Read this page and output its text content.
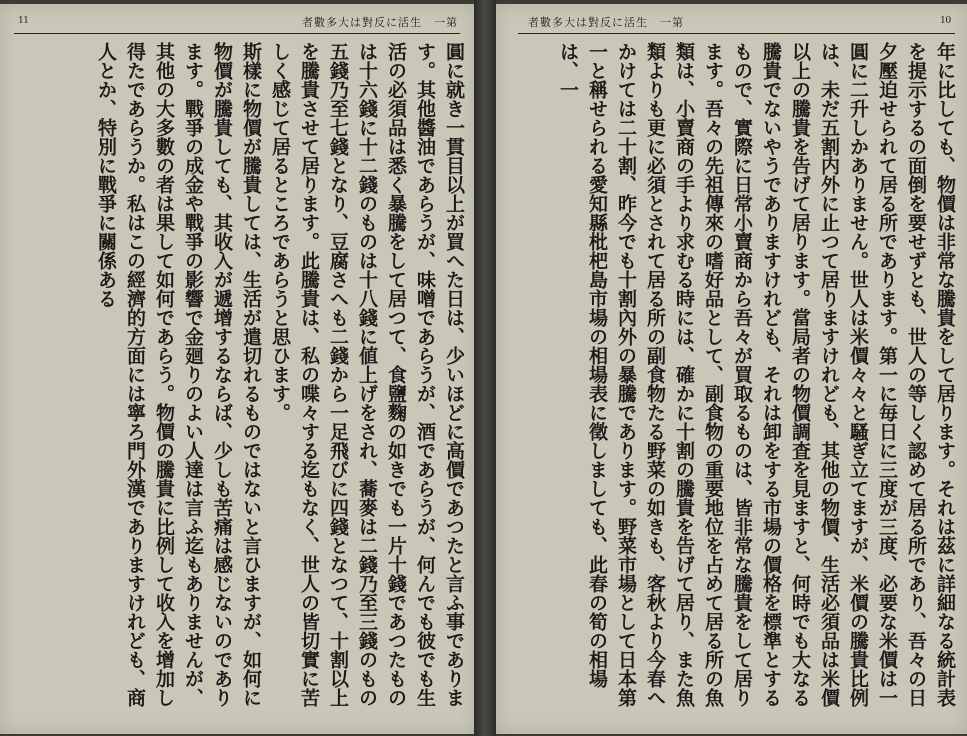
11	者數多大は對反に活生　一第

圓に就き一貫目以上が買へた日は、少いほどに高價であつたと言ふ事であります。其他醬油であらうが、味噌であらうが、酒であらうが、何んでも彼でも生活の必須品は悉く暴騰をして居つて、食鹽麴の如きでも一片十錢であつたものは十六錢に十二錢のものは十八錢に値上げをされ、蕎麥は二錢乃至三錢のもの五錢乃至七錢となり、豆腐さへも二錢から一足飛びに四錢となつて、十割以上を騰貴させて居ります。此騰貴は、私の喋々する迄もなく、世人の皆切實に苦しく感じて居るところであらうと思ひます。

斯樣に物價が騰貴しては、生活が遣切れるものではないと言ひますが、如何に物價が騰貴しても、其收入が遞增するならば、少しも苦痛は感じないのであります。戰爭の成金や戰爭の影響で金廻りのよい人達は言ふ迄もありませんが、其他の大多數の者は果して如何であらう。物價の騰貴に比例して收入を增加し得たであらうか。私はこの經濟的方面には寧ろ門外漢でありますけれども、商人とか、特別に戰爭に關係ある

者數多大は對反に活生　一第	10

年に比しても、物價は非常な騰貴をして居ります。それは茲に詳細なる統計表を提示するの面倒を要せずとも、世人の等しく認めて居る所であり、吾々の日夕壓迫せられて居る所であります。第一に毎日に三度が三度、必要な米價は一圓に二升しかありません。世人は米價々々と騷ぎ立てますが、米價の騰貴比例は、未だ五割内外に止つて居りますけれども、其他の物價、生活必須品は米價以上の騰貴を告げて居ります。當局者の物價調査を見ますと、何時でも大なる騰貴でないやうでありますけれども、それは卸をする市場の價格を標準とするもので、實際に日常小賣商から吾々が買取るものは、皆非常な騰貴をして居ります。吾々の先祖傳來の嗜好品として、副食物の重要地位を占めて居る所の魚類は、小賣商の手より求むる時には、確かに十割の騰貴を告げて居り、また魚類よりも更に必須とされて居る所の副食物たる野菜の如きも、客秋より今春へかけては二十割、昨今でも十割內外の暴騰であります。野菜市場として日本第一と稱せられる愛知縣枇杷島市場の相場表に徵しましても、此春の筍の相場は、一
